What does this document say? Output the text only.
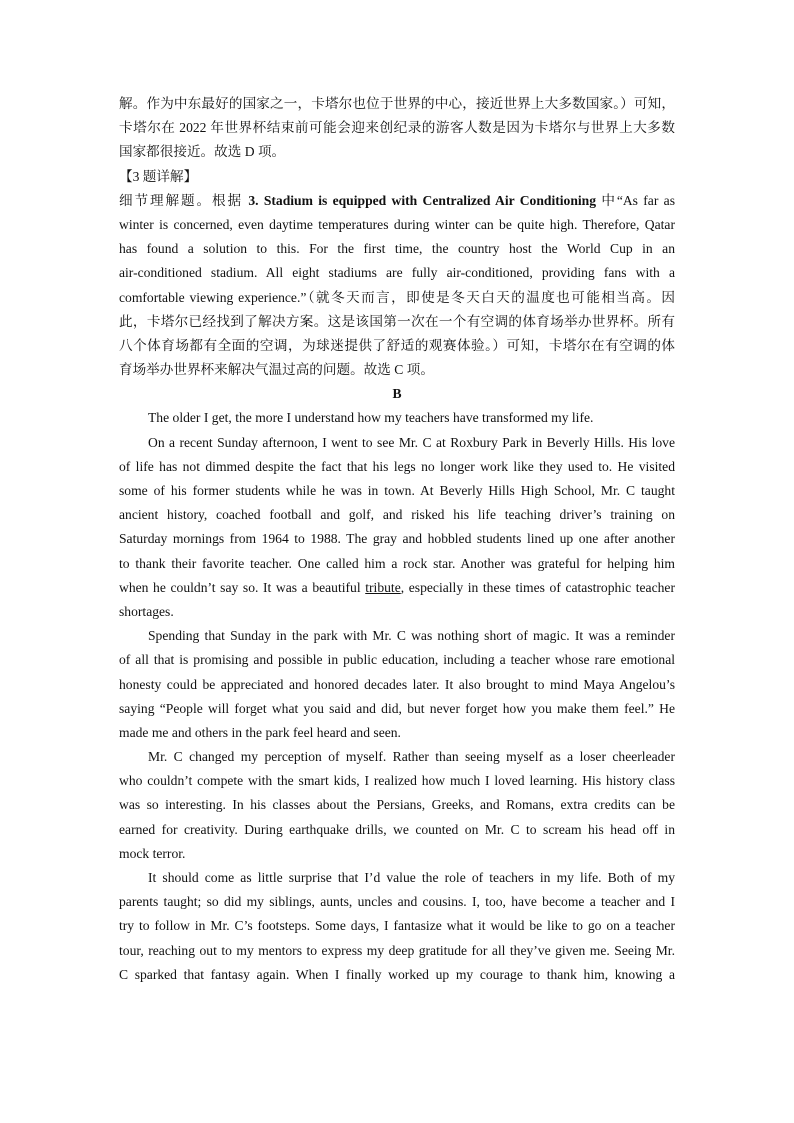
解。作为中东最好的国家之一，卡塔尔也位于世界的中心，接近世界上大多数国家。）可知，
卡塔尔在 2022 年世界杯结束前可能会迎来创纪录的游客人数是因为卡塔尔与世界上大多数
国家都很接近。故选 D 项。
【3 题详解】
细节理解题。根据 3. Stadium is equipped with Centralized Air Conditioning 中“As far as
winter is concerned, even daytime temperatures during winter can be quite high. Therefore, Qatar
has found a solution to this. For the first time, the country host the World Cup in an
air-conditioned stadium. All eight stadiums are fully air-conditioned, providing fans with a
comfortable viewing experience.”（就冬天而言，即使是冬天白天的温度也可能相当高。因
此，卡塔尔已经找到了解决方案。这是该国第一次在一个有空调的体育场举办世界杯。所有
八个体育场都有全面的空调，为球迷提供了舒适的观赛体验。）可知，卡塔尔在有空调的体
育场举办世界杯来解决气温过高的问题。故选 C 项。
B
The older I get, the more I understand how my teachers have transformed my life.
On a recent Sunday afternoon, I went to see Mr. C at Roxbury Park in Beverly Hills. His love
of life has not dimmed despite the fact that his legs no longer work like they used to. He visited
some of his former students while he was in town. At Beverly Hills High School, Mr. C taught
ancient history, coached football and golf, and risked his life teaching driver’s training on
Saturday mornings from 1964 to 1988. The gray and hobbled students lined up one after another
to thank their favorite teacher. One called him a rock star. Another was grateful for helping him
when he couldn’t say so. It was a beautiful tribute, especially in these times of catastrophic teacher
shortages.
Spending that Sunday in the park with Mr. C was nothing short of magic. It was a reminder
of all that is promising and possible in public education, including a teacher whose rare emotional
honesty could be appreciated and honored decades later. It also brought to mind Maya Angelou’s
saying “People will forget what you said and did, but never forget how you make them feel.” He
made me and others in the park feel heard and seen.
Mr. C changed my perception of myself. Rather than seeing myself as a loser cheerleader
who couldn’t compete with the smart kids, I realized how much I loved learning. His history class
was so interesting. In his classes about the Persians, Greeks, and Romans, extra credits can be
earned for creativity. During earthquake drills, we counted on Mr. C to scream his head off in
mock terror.
It should come as little surprise that I’d value the role of teachers in my life. Both of my
parents taught; so did my siblings, aunts, uncles and cousins. I, too, have become a teacher and I
try to follow in Mr. C’s footsteps. Some days, I fantasize what it would be like to go on a teacher
tour, reaching out to my mentors to express my deep gratitude for all they’ve given me. Seeing Mr.
C sparked that fantasy again. When I finally worked up my courage to thank him, knowing a
